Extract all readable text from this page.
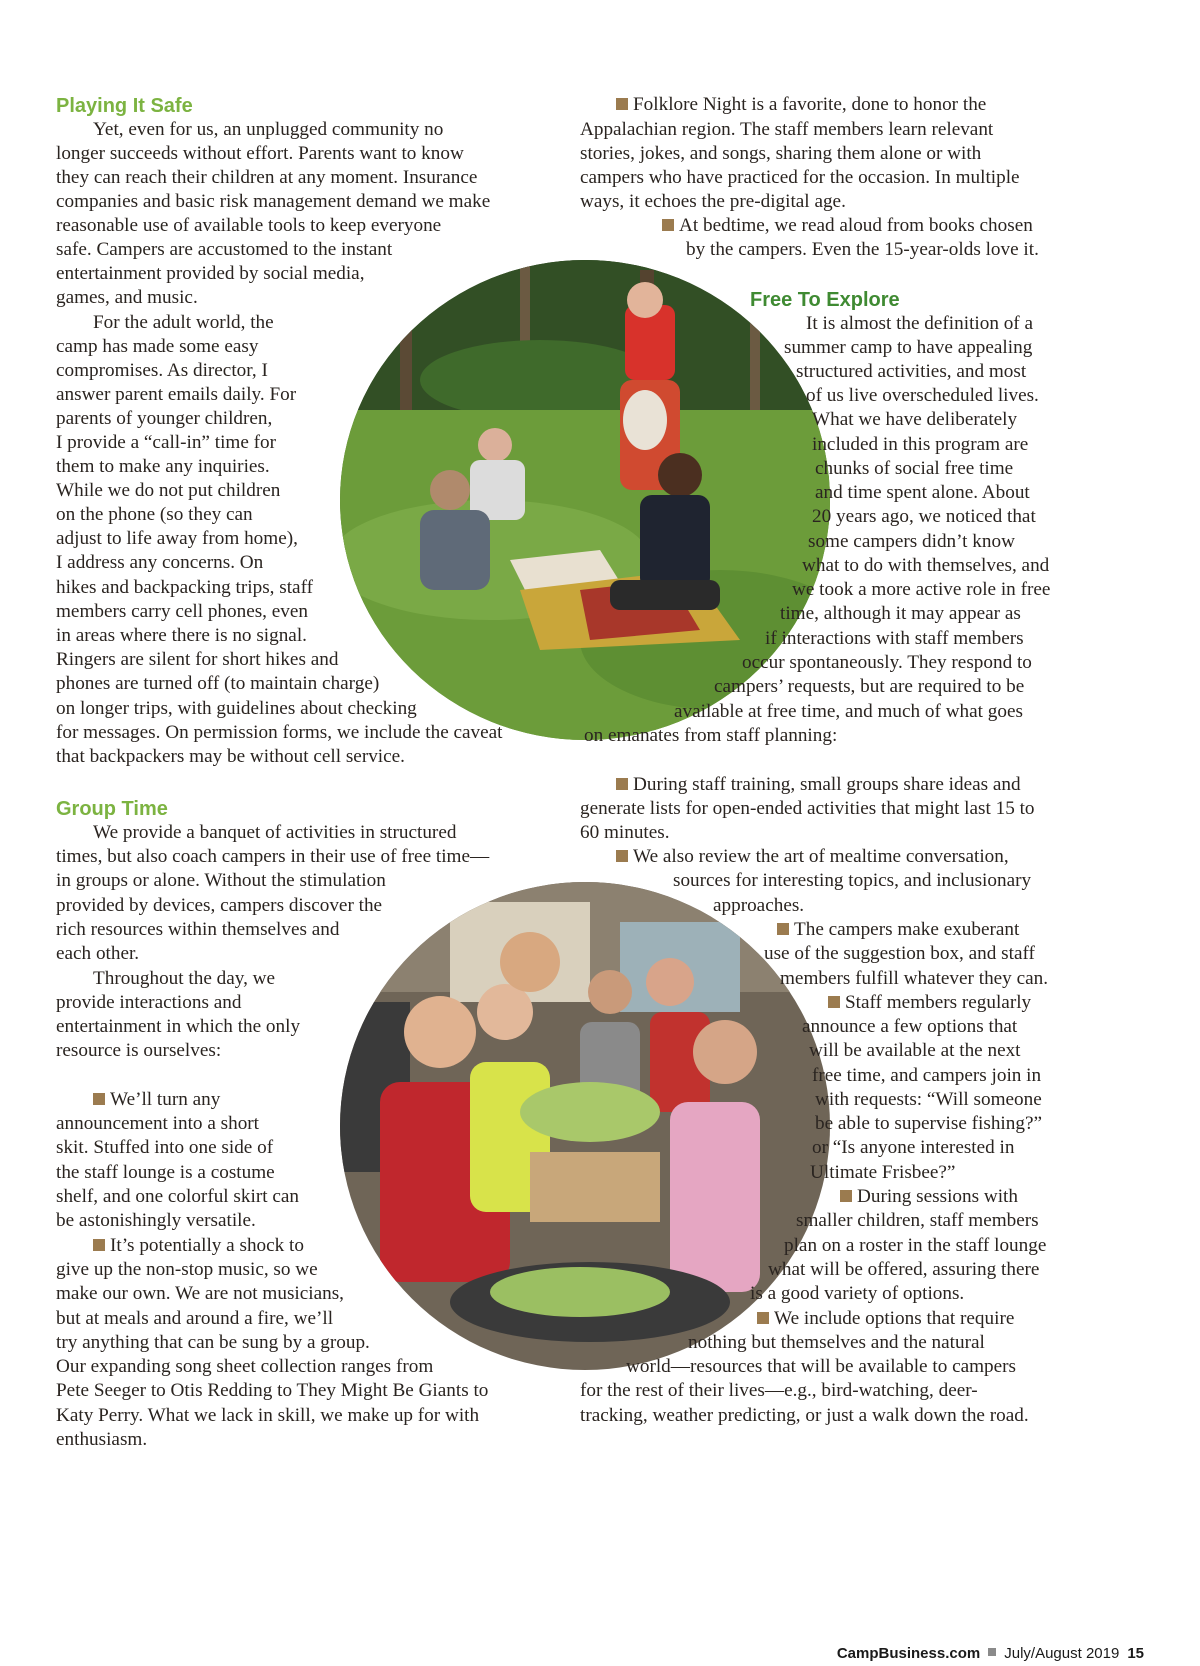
Playing It Safe
Group Time
Free To Explore
Yet, even for us, an unplugged community no
longer succeeds without effort. Parents want to know
they can reach their children at any moment. Insurance
companies and basic risk management demand we make
reasonable use of available tools to keep everyone
safe. Campers are accustomed to the instant
entertainment provided by social media,
games, and music.
For the adult world, the
camp has made some easy
compromises. As director, I
answer parent emails daily. For
parents of younger children,
I provide a “call-in” time for
them to make any inquiries.
While we do not put children
on the phone (so they can
adjust to life away from home),
I address any concerns. On
hikes and backpacking trips, staff
members carry cell phones, even
in areas where there is no signal.
Ringers are silent for short hikes and
phones are turned off (to maintain charge)
on longer trips, with guidelines about checking
for messages. On permission forms, we include the caveat
that backpackers may be without cell service.
We provide a banquet of activities in structured
times, but also coach campers in their use of free time—
in groups or alone. Without the stimulation
provided by devices, campers discover the
rich resources within themselves and
each other.
Throughout the day, we
provide interactions and
entertainment in which the only
resource is ourselves:
We’ll turn any
announcement into a short
skit. Stuffed into one side of
the staff lounge is a costume
shelf, and one colorful skirt can
be astonishingly versatile.
It’s potentially a shock to
give up the non-stop music, so we
make our own. We are not musicians,
but at meals and around a fire, we’ll
try anything that can be sung by a group.
Our expanding song sheet collection ranges from
Pete Seeger to Otis Redding to They Might Be Giants to
Katy Perry. What we lack in skill, we make up for with
enthusiasm.
Folklore Night is a favorite, done to honor the
Appalachian region. The staff members learn relevant
stories, jokes, and songs, sharing them alone or with
campers who have practiced for the occasion. In multiple
ways, it echoes the pre-digital age.
At bedtime, we read aloud from books chosen
by the campers. Even the 15-year-olds love it.
It is almost the definition of a
summer camp to have appealing
structured activities, and most
of us live overscheduled lives.
What we have deliberately
included in this program are
chunks of social free time
and time spent alone. About
20 years ago, we noticed that
some campers didn’t know
what to do with themselves, and
we took a more active role in free
time, although it may appear as
if interactions with staff members
occur spontaneously. They respond to
campers’ requests, but are required to be
available at free time, and much of what goes
on emanates from staff planning:
During staff training, small groups share ideas and
generate lists for open-ended activities that might last 15 to
60 minutes.
We also review the art of mealtime conversation,
sources for interesting topics, and inclusionary
approaches.
The campers make exuberant
use of the suggestion box, and staff
members fulfill whatever they can.
Staff members regularly
announce a few options that
will be available at the next
free time, and campers join in
with requests: “Will someone
be able to supervise fishing?”
or “Is anyone interested in
Ultimate Frisbee?”
During sessions with
smaller children, staff members
plan on a roster in the staff lounge
what will be offered, assuring there
is a good variety of options.
We include options that require
nothing but themselves and the natural
world—resources that will be available to campers
for the rest of their lives—e.g., bird-watching, deer-
tracking, weather predicting, or just a walk down the road.
CampBusiness.com July/August 2019 15
